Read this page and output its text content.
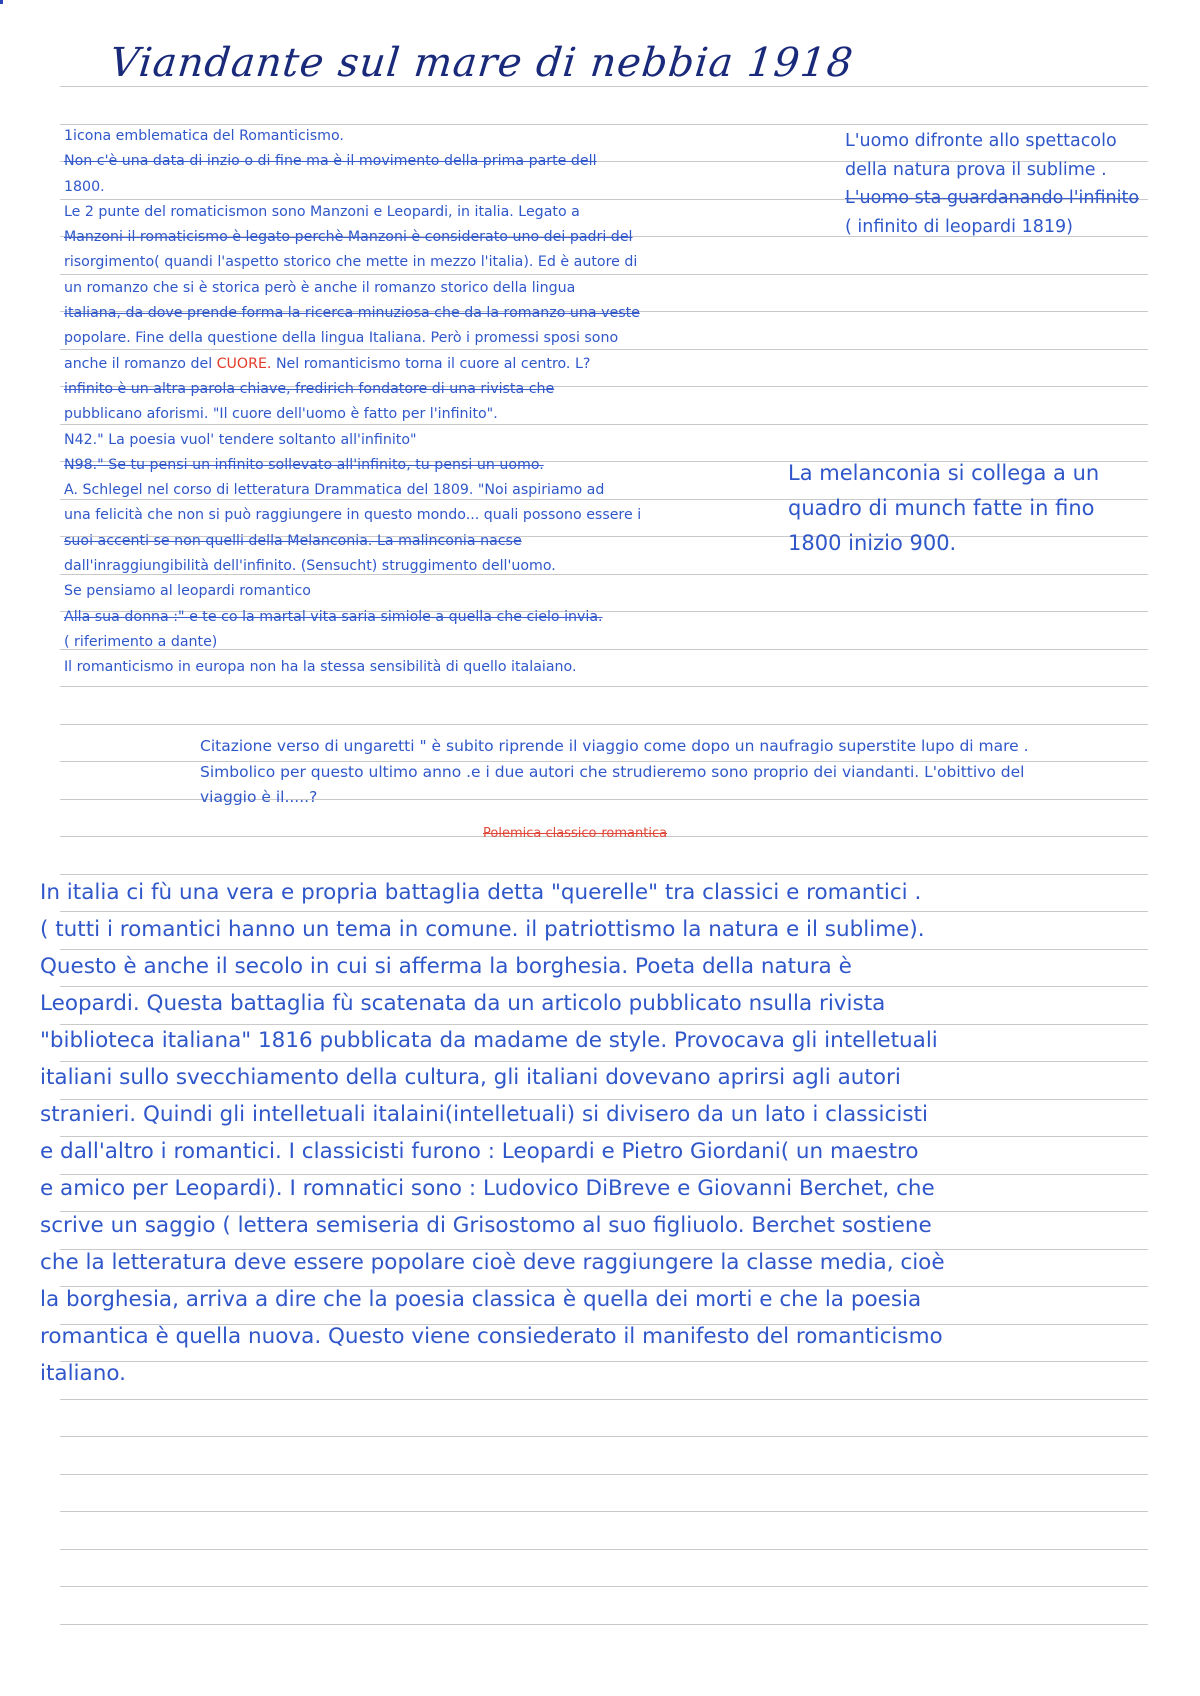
Viandante sul mare di nebbia 1918
1icona emblematica del Romanticismo.
Non c'è una data di inzio o di fine ma è il movimento della prima parte dell
1800.
Le 2 punte del romaticismon sono Manzoni e Leopardi, in italia. Legato a
Manzoni il romaticismo è legato perchè Manzoni è considerato uno dei padri del
risorgimento( quandi l'aspetto storico che mette in mezzo l'italia). Ed è autore di
un romanzo che si è storica però è anche il romanzo storico della lingua
italiana, da dove prende forma la ricerca minuziosa che da la romanzo una veste
popolare. Fine della questione della lingua Italiana. Però i promessi sposi sono
anche il romanzo del CUORE. Nel romanticismo torna il cuore al centro. L?
infinito è un altra parola chiave, fredirich fondatore di una rivista che
pubblicano aforismi. "Il cuore dell'uomo è fatto per l'infinito".
N42." La poesia vuol' tendere soltanto all'infinito"
N98." Se tu pensi un infinito sollevato all'infinito, tu pensi un uomo.
A. Schlegel nel corso di letteratura Drammatica del 1809. "Noi aspiriamo ad
una felicità che non si può raggiungere in questo mondo... quali possono essere i
suoi accenti se non quelli della Melanconia. La malinconia nacse
dall'inraggiungibilità dell'infinito. (Sensucht) struggimento dell'uomo.
Se pensiamo al leopardi romantico
Alla sua donna :" e te co la martal vita saria simiole a quella che cielo invia.
( riferimento a dante)
Il romanticismo in europa non ha la stessa sensibilità di quello italaiano.
L'uomo difronte allo spettacolo
della natura prova il sublime .
L'uomo sta guardanando l'infinito
( infinito di leopardi 1819)
La melanconia si collega a un
quadro di munch fatte in fino
1800 inizio 900.
Citazione verso di ungaretti " è subito riprende il viaggio come dopo un naufragio superstite lupo di mare .
Simbolico per questo ultimo anno .e i due autori che strudieremo sono proprio dei viandanti. L'obittivo del
viaggio è il.....?
Polemica classico-romantica
In italia ci fù una vera e propria battaglia detta "querelle" tra classici e romantici .
( tutti i romantici hanno un tema in comune. il patriottismo la natura e il sublime).
Questo è anche il secolo in cui si afferma la borghesia. Poeta della natura è
Leopardi. Questa battaglia fù scatenata da un articolo pubblicato nsulla rivista
"biblioteca italiana" 1816 pubblicata da madame de style. Provocava gli intelletuali
italiani sullo svecchiamento della cultura, gli italiani dovevano aprirsi agli autori
stranieri. Quindi gli intelletuali italaini(intelletuali) si divisero da un lato i classicisti
e dall'altro i romantici. I classicisti furono : Leopardi e Pietro Giordani( un maestro
e amico per Leopardi). I romnatici sono : Ludovico DiBreve e Giovanni Berchet, che
scrive un saggio ( lettera semiseria di Grisostomo al suo figliuolo. Berchet sostiene
che la letteratura deve essere popolare cioè deve raggiungere la classe media, cioè
la borghesia, arriva a dire che la poesia classica è quella dei morti e che la poesia
romantica è quella nuova. Questo viene consiederato il manifesto del romanticismo
italiano.
